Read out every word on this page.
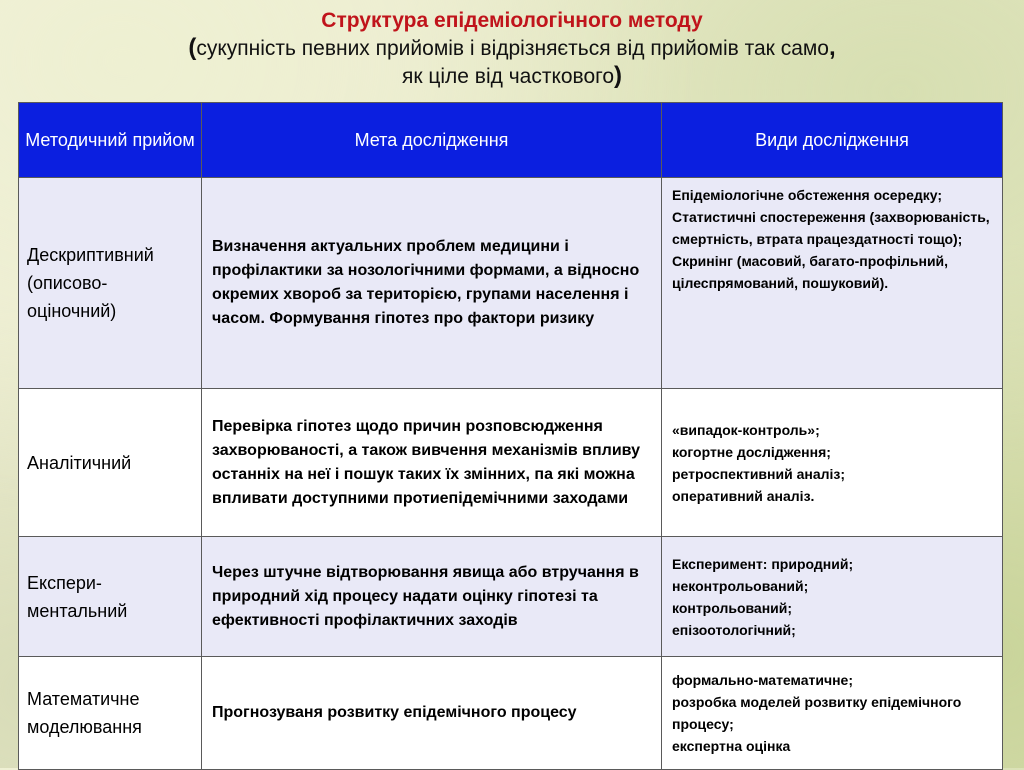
Структура епідеміологічного методу
(сукупність певних прийомів і відрізняється від прийомів так само,
як ціле від часткового)
Методичний прийом	Мета дослідження	Види дослідження
Дескриптивний (описово-оціночний)	Визначення актуальних проблем медицини і профілактики за нозологічними формами, а відносно окремих хвороб за територією, групами населення і часом. Формування гіпотез про фактори ризику	Епідеміологічне обстеження осередку;
Статистичні спостереження (захворюваність, смертність, втрата працездатності тощо);
Скринінг (масовий, багато-профільний, цілеспрямований, пошуковий).

Аналітичний	Перевірка гіпотез щодо причин розповсюдження захворюваності, а також вивчення механізмів впливу останніх на неї і пошук таких їх змінних, па які можна впливати доступними протиепідемічними заходами	«випадок-контроль»;
когортне дослідження;
ретроспективний аналіз;
оперативний аналіз.

Експери-ментальний	Через штучне відтворювання явища або втручання в природний хід процесу надати оцінку гіпотезі та ефективності профілактичних заходів	Експеримент: природний;
неконтрольований;
контрольований;
епізоотологічний;

Математичне моделювання	Прогнозуваня розвитку епідемічного процесу	формально-математичне;
розробка моделей розвитку епідемічного процесу;
експертна оцінка
